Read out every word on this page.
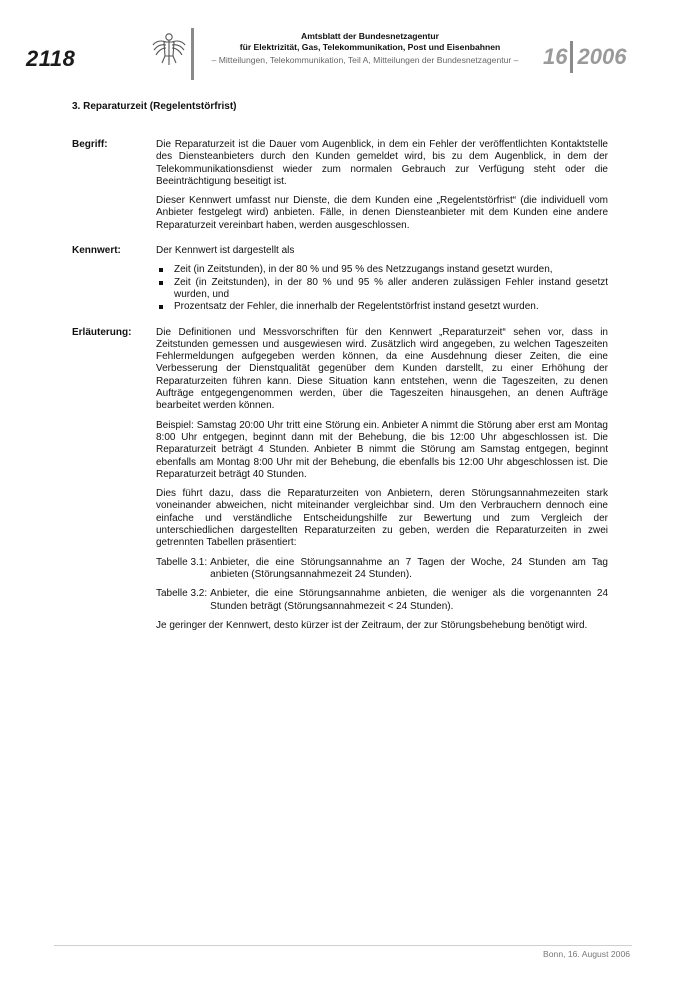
2118
Amtsblatt der Bundesnetzagentur
für Elektrizität, Gas, Telekommunikation, Post und Eisenbahnen
– Mitteilungen, Telekommunikation, Teil A, Mitteilungen der Bundesnetzagentur –	16 2006
3. Reparaturzeit (Regelentstörfrist)
Begriff:	Die Reparaturzeit ist die Dauer vom Augenblick, in dem ein Fehler der veröffentlichten Kontaktstelle des Diensteanbieters durch den Kunden gemeldet wird, bis zu dem Augenblick, in dem der Telekommunikationsdienst wieder zum normalen Gebrauch zur Verfügung steht oder die Beeinträchtigung beseitigt ist.

Dieser Kennwert umfasst nur Dienste, die dem Kunden eine „Regelentstörfrist“ (die individuell vom Anbieter festgelegt wird) anbieten. Fälle, in denen Diensteanbieter mit dem Kunden eine andere Reparaturzeit vereinbart haben, werden ausgeschlossen.

Kennwert:	Der Kennwert ist dargestellt als

Zeit (in Zeitstunden), in der 80 % und 95 % des Netzzugangs instand gesetzt wurden,
Zeit (in Zeitstunden), in der 80 % und 95 % aller anderen zulässigen Fehler instand gesetzt wurden, und
Prozentsatz der Fehler, die innerhalb der Regelentstörfrist instand gesetzt wurden.
Erläuterung:	Die Definitionen und Messvorschriften für den Kennwert „Reparaturzeit“ sehen vor, dass in Zeitstunden gemessen und ausgewiesen wird. Zusätzlich wird angegeben, zu welchen Tageszeiten Fehlermeldungen aufgegeben werden können, da eine Ausdehnung dieser Zeiten, die eine Verbesserung der Dienstqualität gegenüber dem Kunden darstellt, zu einer Erhöhung der Reparaturzeiten führen kann. Diese Situation kann entstehen, wenn die Tageszeiten, zu denen Aufträge entgegengenommen werden, über die Tageszeiten hinausgehen, an denen Aufträge bearbeitet werden können.

Beispiel: Samstag 20:00 Uhr tritt eine Störung ein. Anbieter A nimmt die Störung aber erst am Montag 8:00 Uhr entgegen, beginnt dann mit der Behebung, die bis 12:00 Uhr abgeschlossen ist. Die Reparaturzeit beträgt 4 Stunden. Anbieter B nimmt die Störung am Samstag entgegen, beginnt ebenfalls am Montag 8:00 Uhr mit der Behebung, die ebenfalls bis 12:00 Uhr abgeschlossen ist. Die Reparaturzeit beträgt 40 Stunden.

Dies führt dazu, dass die Reparaturzeiten von Anbietern, deren Störungsannahmezeiten stark voneinander abweichen, nicht miteinander vergleichbar sind. Um den Verbrauchern dennoch eine einfache und verständliche Entscheidungshilfe zur Bewertung und zum Vergleich der unterschiedlichen dargestellten Reparaturzeiten zu geben, werden die Reparaturzeiten in zwei getrennten Tabellen präsentiert:

Tabelle 3.1: Anbieter, die eine Störungsannahme an 7 Tagen der Woche, 24 Stunden am Tag anbieten (Störungsannahmezeit 24 Stunden).
Tabelle 3.2: Anbieter, die eine Störungsannahme anbieten, die weniger als die vorgenannten 24 Stunden beträgt (Störungsannahmezeit < 24 Stunden).

Je geringer der Kennwert, desto kürzer ist der Zeitraum, der zur Störungsbehebung benötigt wird.

Bonn, 16. August 2006
